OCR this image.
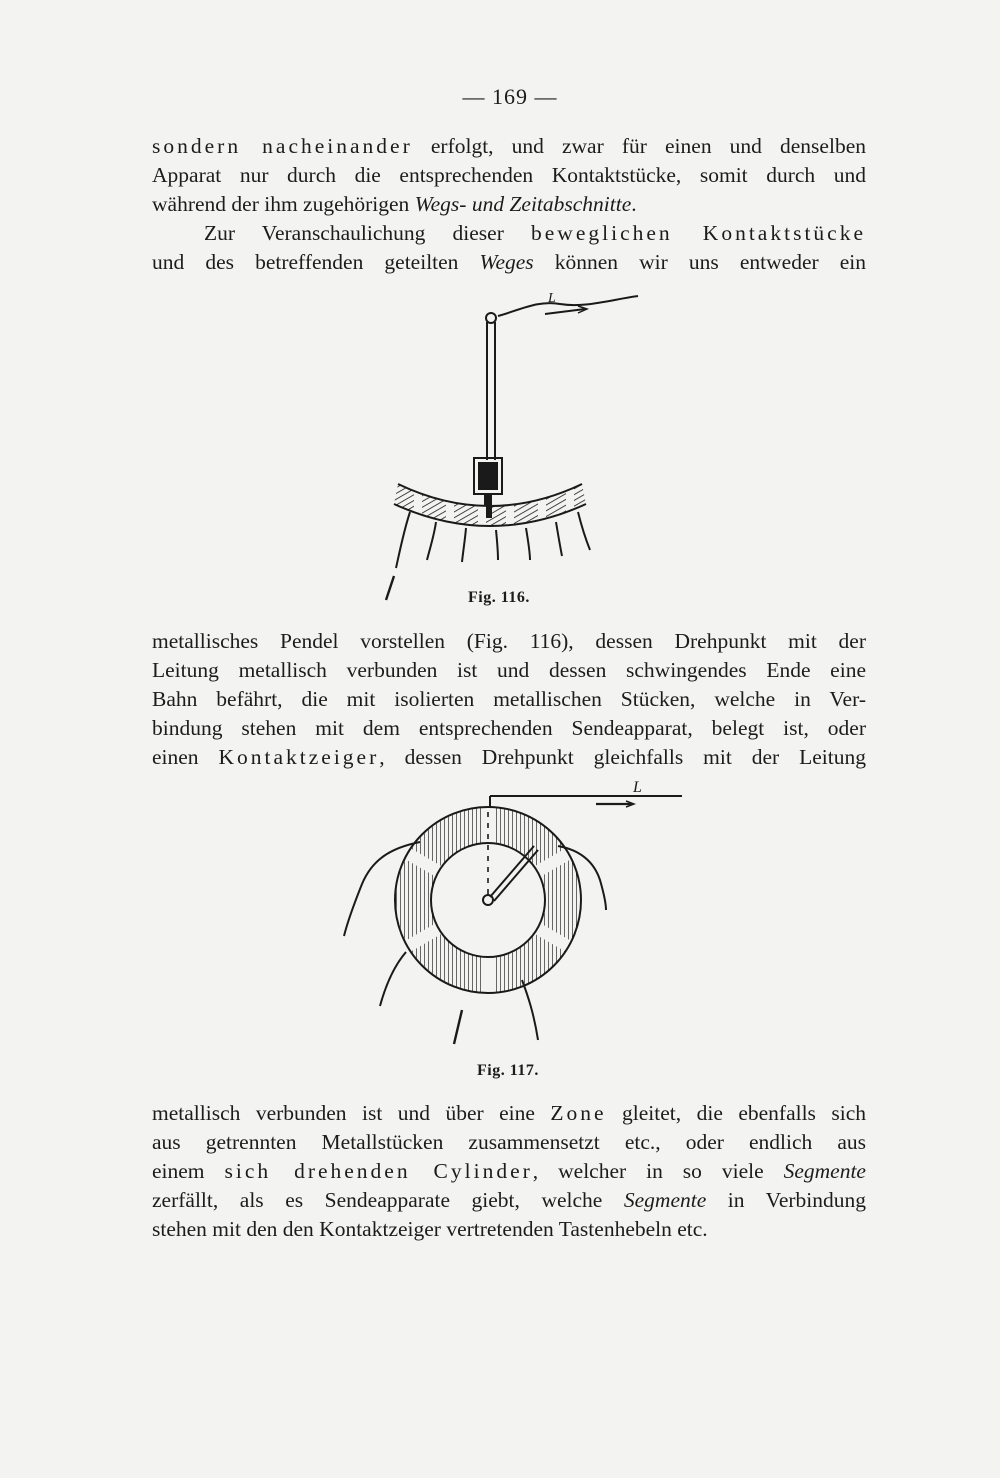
— 169 —
sondern nacheinander erfolgt, und zwar für einen und denselben
Apparat nur durch die entsprechenden Kontaktstücke, somit durch und
während der ihm zugehörigen Wegs- und Zeitabschnitte.
Zur Veranschaulichung dieser beweglichen Kontaktstücke
und des betreffenden geteilten Weges können wir uns entweder ein
L
Fig. 116.
metallisches Pendel vorstellen (Fig. 116), dessen Drehpunkt mit der
Leitung metallisch verbunden ist und dessen schwingendes Ende eine
Bahn befährt, die mit isolierten metallischen Stücken, welche in Ver-
bindung stehen mit dem entsprechenden Sendeapparat, belegt ist, oder
einen Kontaktzeiger, dessen Drehpunkt gleichfalls mit der Leitung
L
Fig. 117.
metallisch verbunden ist und über eine Zone gleitet, die ebenfalls sich
aus getrennten Metallstücken zusammensetzt etc., oder endlich aus
einem sich drehenden Cylinder, welcher in so viele Segmente
zerfällt, als es Sendeapparate giebt, welche Segmente in Verbindung
stehen mit den den Kontaktzeiger vertretenden Tastenhebeln etc.
